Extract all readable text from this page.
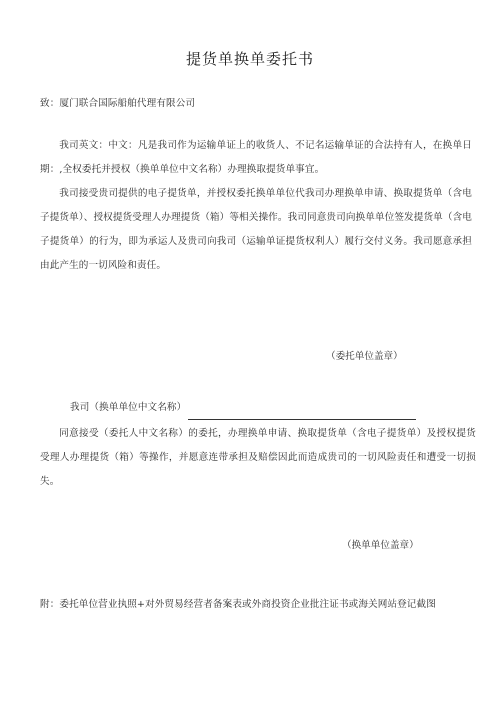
提货单换单委托书
致：厦门联合国际船舶代理有限公司
我司英文：中文：凡是我司作为运输单证上的收货人、不记名运输单证的合法持有人，在换单日期：,全权委托并授权（换单单位中文名称）办理换取提货单事宜。
我司接受贵司提供的电子提货单，并授权委托换单单位代我司办理换单申请、换取提货单（含电子提货单）、授权提货受理人办理提货（箱）等相关操作。我司同意贵司向换单单位签发提货单（含电子提货单）的行为，即为承运人及贵司向我司（运输单证提货权利人）履行交付义务。我司愿意承担由此产生的一切风险和责任。
（委托单位盖章）
我司（换单单位中文名称）
同意接受（委托人中文名称）的委托，办理换单申请、换取提货单（含电子提货单）及授权提货受理人办理提货（箱）等操作，并愿意连带承担及赔偿因此而造成贵司的一切风险责任和遭受一切损失。
（换单单位盖章）
附：委托单位营业执照+对外贸易经营者备案表或外商投资企业批注证书或海关网站登记截图
